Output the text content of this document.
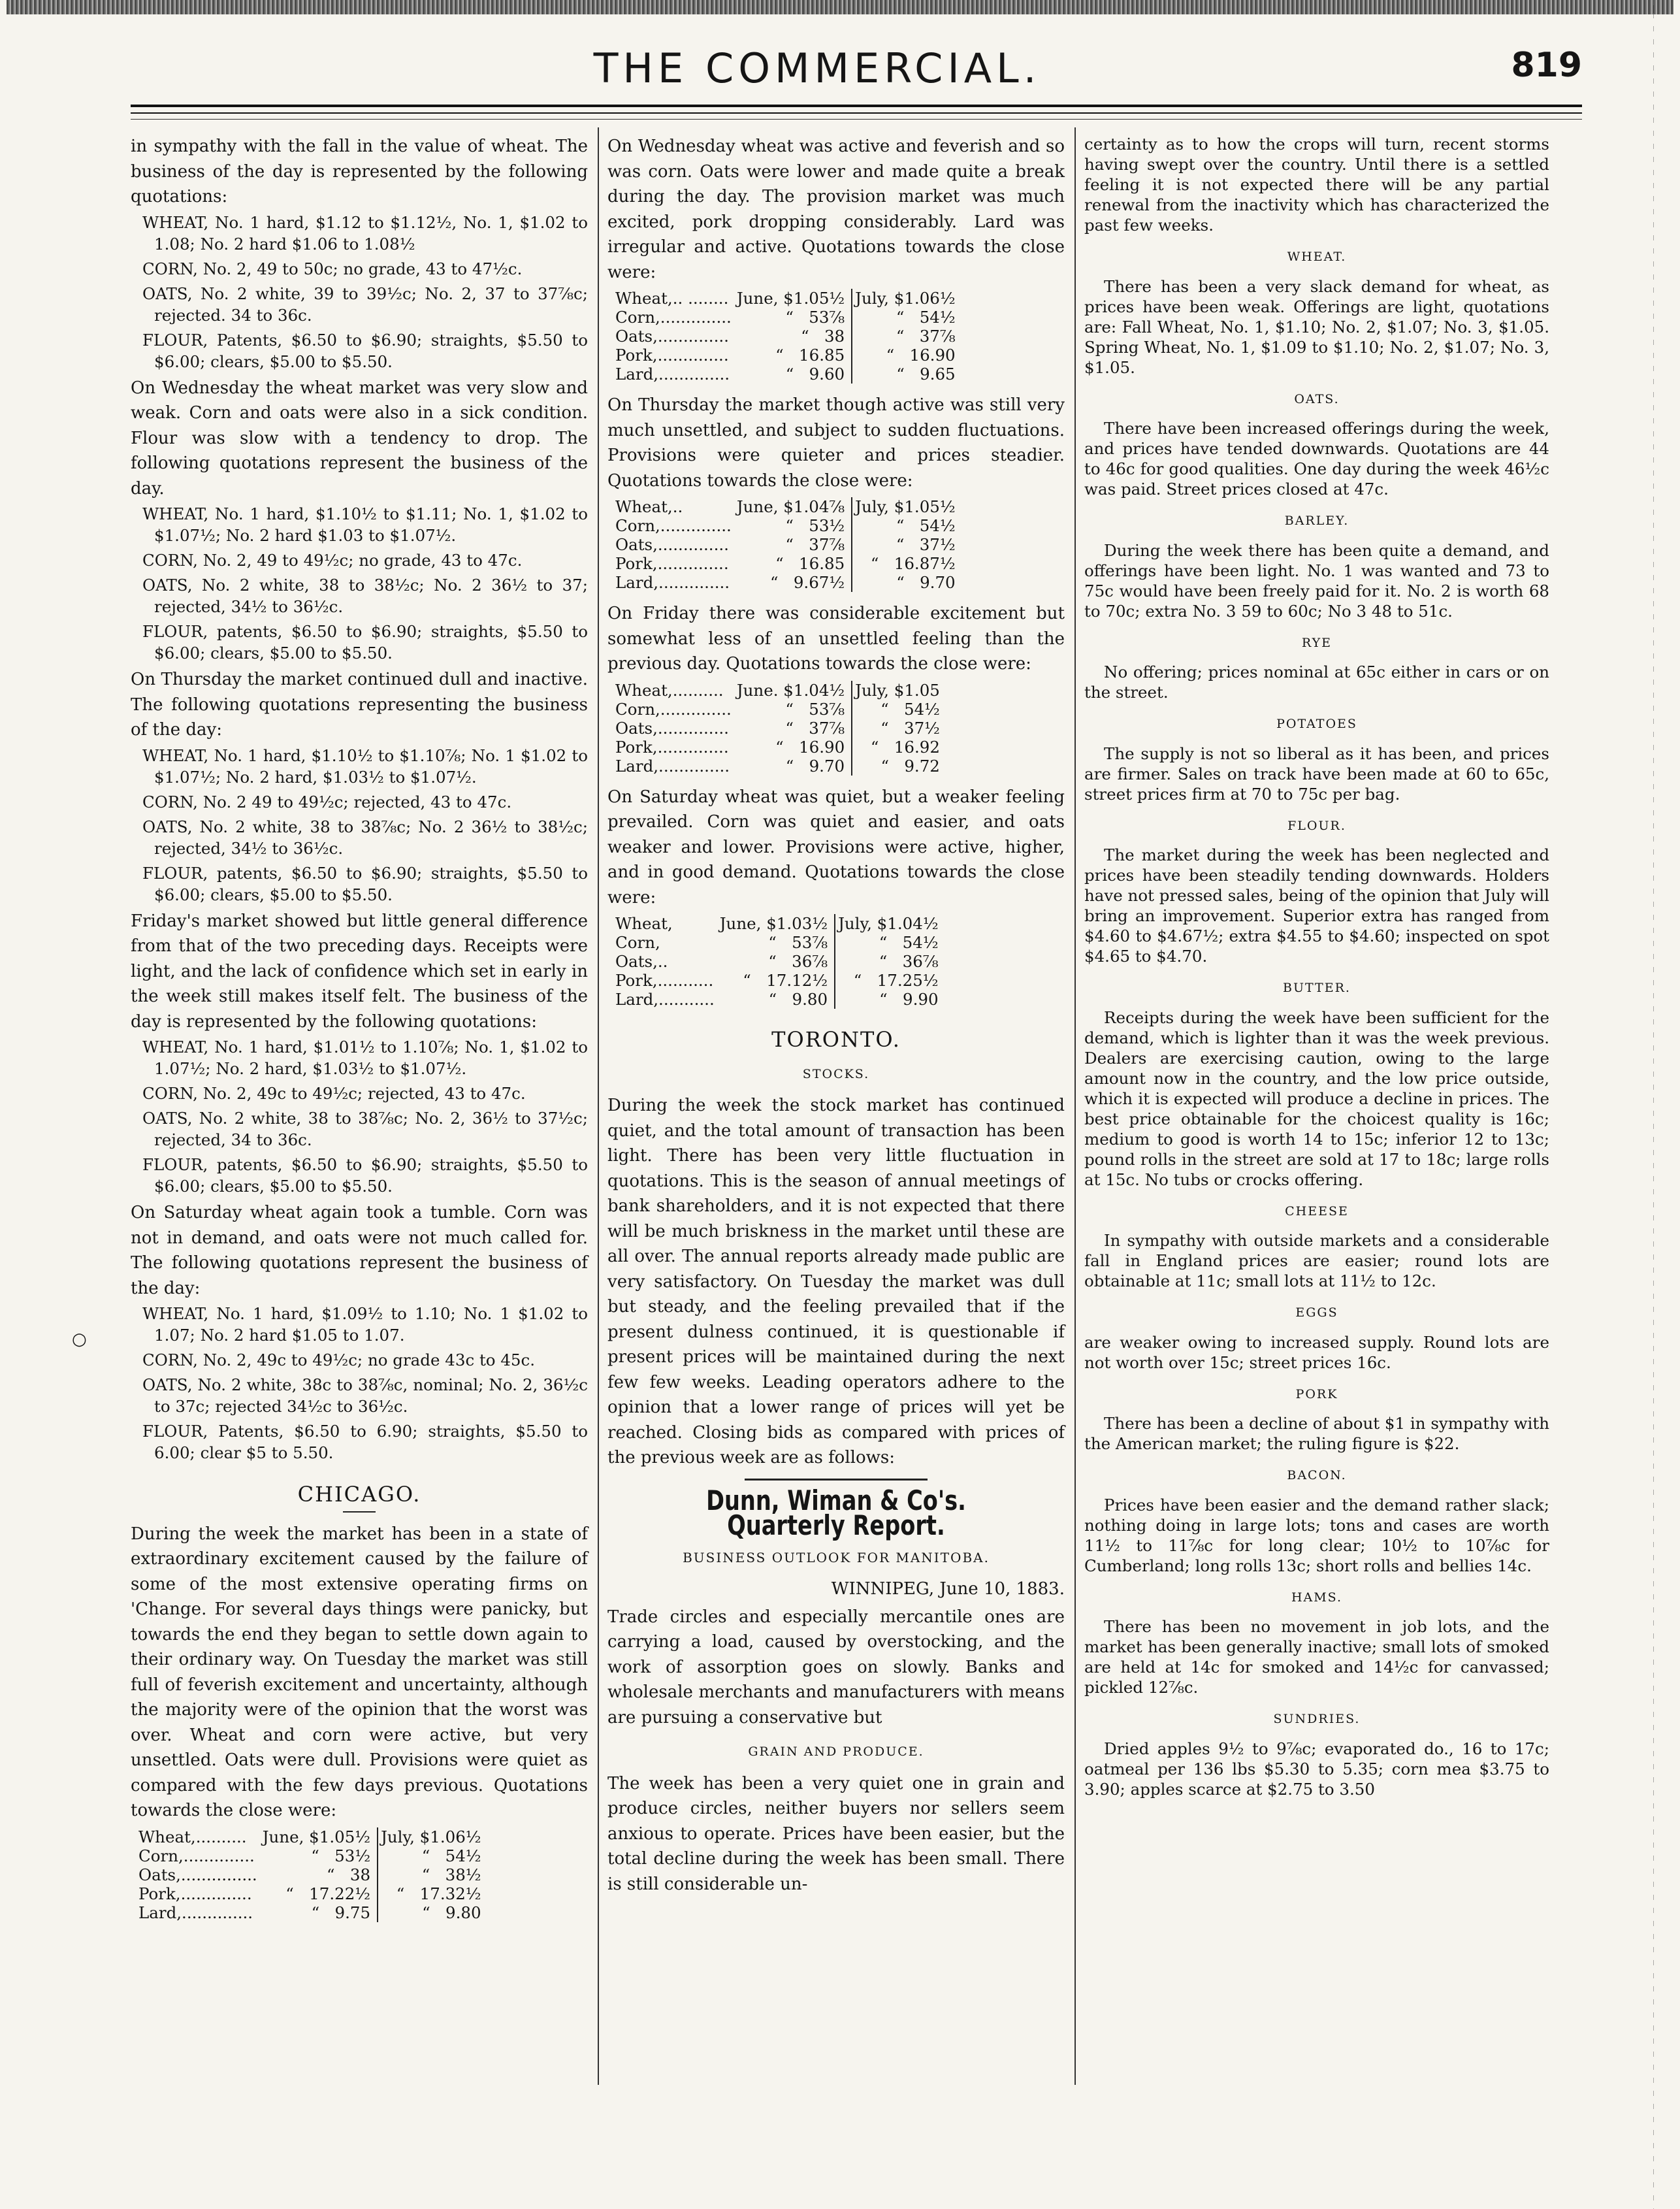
THE COMMERCIAL.	819
○

in sympathy with the fall in the value of wheat. The business of the day is represented by the following quotations:

WHEAT, No. 1 hard, $1.12 to $1.12½, No. 1, $1.02 to 1.08; No. 2 hard $1.06 to 1.08½

CORN, No. 2, 49 to 50c; no grade, 43 to 47½c.

OATS, No. 2 white, 39 to 39½c; No. 2, 37 to 37⅞c; rejected. 34 to 36c.

FLOUR, Patents, $6.50 to $6.90; straights, $5.50 to $6.00; clears, $5.00 to $5.50.

On Wednesday the wheat market was very slow and weak. Corn and oats were also in a sick condition. Flour was slow with a tendency to drop. The following quotations represent the business of the day.

WHEAT, No. 1 hard, $1.10½ to $1.11; No. 1, $1.02 to $1.07½; No. 2 hard $1.03 to $1.07½.

CORN, No. 2, 49 to 49½c; no grade, 43 to 47c.

OATS, No. 2 white, 38 to 38½c; No. 2 36½ to 37; rejected, 34½ to 36½c.

FLOUR, patents, $6.50 to $6.90; straights, $5.50 to $6.00; clears, $5.00 to $5.50.

On Thursday the market continued dull and inactive. The following quotations representing the business of the day:

WHEAT, No. 1 hard, $1.10½ to $1.10⅞; No. 1 $1.02 to $1.07½; No. 2 hard, $1.03½ to $1.07½.

CORN, No. 2 49 to 49½c; rejected, 43 to 47c.

OATS, No. 2 white, 38 to 38⅞c; No. 2 36½ to 38½c; rejected, 34½ to 36½c.

FLOUR, patents, $6.50 to $6.90; straights, $5.50 to $6.00; clears, $5.00 to $5.50.

Friday's market showed but little general difference from that of the two preceding days. Receipts were light, and the lack of confidence which set in early in the week still makes itself felt. The business of the day is represented by the following quotations:

WHEAT, No. 1 hard, $1.01½ to 1.10⅞; No. 1, $1.02 to 1.07½; No. 2 hard, $1.03½ to $1.07½.

CORN, No. 2, 49c to 49½c; rejected, 43 to 47c.

OATS, No. 2 white, 38 to 38⅞c; No. 2, 36½ to 37½c; rejected, 34 to 36c.

FLOUR, patents, $6.50 to $6.90; straights, $5.50 to $6.00; clears, $5.00 to $5.50.

On Saturday wheat again took a tumble. Corn was not in demand, and oats were not much called for. The following quotations represent the business of the day:

WHEAT, No. 1 hard, $1.09½ to 1.10; No. 1 $1.02 to 1.07; No. 2 hard $1.05 to 1.07.

CORN, No. 2, 49c to 49½c; no grade 43c to 45c.

OATS, No. 2 white, 38c to 38⅞c, nominal; No. 2, 36½c to 37c; rejected 34½c to 36½c.

FLOUR, Patents, $6.50 to 6.90; straights, $5.50 to 6.00; clear $5 to 5.50.

CHICAGO.

During the week the market has been in a state of extraordinary excitement caused by the failure of some of the most extensive operating firms on 'Change. For several days things were panicky, but towards the end they began to settle down again to their ordinary way. On Tuesday the market was still full of feverish excitement and uncertainty, although the majority were of the opinion that the worst was over. Wheat and corn were active, but very unsettled. Oats were dull. Provisions were quiet as compared with the few days previous. Quotations towards the close were:

Wheat,..........	June, $1.05½	July, $1.06½
Corn,..............	“   53½	“   54½
Oats,...............	“   38	“   38½
Pork,..............	“   17.22½	“   17.32½
Lard,..............	“   9.75	“   9.80

On Wednesday wheat was active and feverish and so was corn. Oats were lower and made quite a break during the day. The provision market was much excited, pork dropping considerably. Lard was irregular and active. Quotations towards the close were:

Wheat,.. ........	June, $1.05½	July, $1.06½
Corn,..............	“   53⅞	“   54½
Oats,..............	“   38	“   37⅞
Pork,..............	“   16.85	“   16.90
Lard,..............	“   9.60	“   9.65

On Thursday the market though active was still very much unsettled, and subject to sudden fluctuations. Provisions were quieter and prices steadier. Quotations towards the close were:

Wheat,..	June, $1.04⅞	July, $1.05½
Corn,..............	“   53½	“   54½
Oats,..............	“   37⅞	“   37½
Pork,..............	“   16.85	“   16.87½
Lard,..............	“   9.67½	“   9.70

On Friday there was considerable excitement but somewhat less of an unsettled feeling than the previous day. Quotations towards the close were:

Wheat,..........	June. $1.04½	July, $1.05
Corn,..............	“   53⅞	“   54½
Oats,..............	“   37⅞	“   37½
Pork,..............	“   16.90	“   16.92
Lard,..............	“   9.70	“   9.72

On Saturday wheat was quiet, but a weaker feeling prevailed. Corn was quiet and easier, and oats weaker and lower. Provisions were active, higher, and in good demand. Quotations towards the close were:

Wheat,	June, $1.03½	July, $1.04½
Corn,	“   53⅞	“   54½
Oats,..	“   36⅞	“   36⅞
Pork,...........	“   17.12½	“   17.25½
Lard,...........	“   9.80	“   9.90
TORONTO.
STOCKS.

During the week the stock market has continued quiet, and the total amount of transaction has been light. There has been very little fluctuation in quotations. This is the season of annual meetings of bank shareholders, and it is not expected that there will be much briskness in the market until these are all over. The annual reports already made public are very satisfactory. On Tuesday the market was dull but steady, and the feeling prevailed that if the present dulness continued, it is questionable if present prices will be maintained during the next few few weeks. Leading operators adhere to the opinion that a lower range of prices will yet be reached. Closing bids as compared with prices of the previous week are as follows:

Dunn, Wiman & Co's. Quarterly Report.
BUSINESS OUTLOOK FOR MANITOBA.
WINNIPEG, June 10, 1883.

Trade circles and especially mercantile ones are carrying a load, caused by overstocking, and the work of assorption goes on slowly. Banks and wholesale merchants and manufacturers with means are pursuing a conservative but

GRAIN AND PRODUCE.

The week has been a very quiet one in grain and produce circles, neither buyers nor sellers seem anxious to operate. Prices have been easier, but the total decline during the week has been small. There is still considerable un-

certainty as to how the crops will turn, recent storms having swept over the country. Until there is a settled feeling it is not expected there will be any partial renewal from the inactivity which has characterized the past few weeks.

WHEAT.

There has been a very slack demand for wheat, as prices have been weak. Offerings are light, quotations are: Fall Wheat, No. 1, $1.10; No. 2, $1.07; No. 3, $1.05. Spring Wheat, No. 1, $1.09 to $1.10; No. 2, $1.07; No. 3, $1.05.

OATS.

There have been increased offerings during the week, and prices have tended downwards. Quotations are 44 to 46c for good qualities. One day during the week 46½c was paid. Street prices closed at 47c.

BARLEY.

During the week there has been quite a demand, and offerings have been light. No. 1 was wanted and 73 to 75c would have been freely paid for it. No. 2 is worth 68 to 70c; extra No. 3 59 to 60c; No 3 48 to 51c.

RYE

No offering; prices nominal at 65c either in cars or on the street.

POTATOES

The supply is not so liberal as it has been, and prices are firmer. Sales on track have been made at 60 to 65c, street prices firm at 70 to 75c per bag.

FLOUR.

The market during the week has been neglected and prices have been steadily tending downwards. Holders have not pressed sales, being of the opinion that July will bring an improvement. Superior extra has ranged from $4.60 to $4.67½; extra $4.55 to $4.60; inspected on spot $4.65 to $4.70.

BUTTER.

Receipts during the week have been sufficient for the demand, which is lighter than it was the week previous. Dealers are exercising caution, owing to the large amount now in the country, and the low price outside, which it is expected will produce a decline in prices. The best price obtainable for the choicest quality is 16c; medium to good is worth 14 to 15c; inferior 12 to 13c; pound rolls in the street are sold at 17 to 18c; large rolls at 15c. No tubs or crocks offering.

CHEESE

In sympathy with outside markets and a considerable fall in England prices are easier; round lots are obtainable at 11c; small lots at 11½ to 12c.

EGGS

are weaker owing to increased supply. Round lots are not worth over 15c; street prices 16c.

PORK

There has been a decline of about $1 in sympathy with the American market; the ruling figure is $22.

BACON.

Prices have been easier and the demand rather slack; nothing doing in large lots; tons and cases are worth 11½ to 11⅞c for long clear; 10½ to 10⅞c for Cumberland; long rolls 13c; short rolls and bellies 14c.

HAMS.

There has been no movement in job lots, and the market has been generally inactive; small lots of smoked are held at 14c for smoked and 14½c for canvassed; pickled 12⅞c.

SUNDRIES.

Dried apples 9½ to 9⅞c; evaporated do., 16 to 17c; oatmeal per 136 lbs $5.30 to 5.35; corn mea $3.75 to 3.90; apples scarce at $2.75 to 3.50
